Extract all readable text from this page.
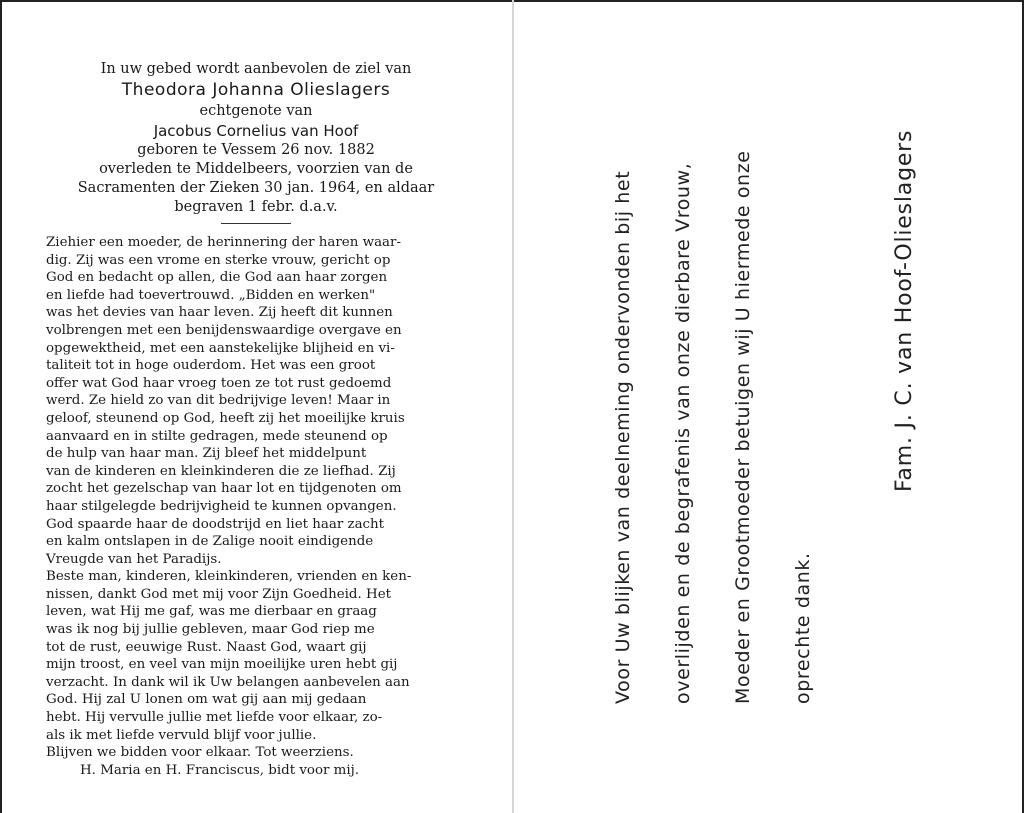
In uw gebed wordt aanbevolen de ziel van
Theodora Johanna Olieslagers
echtgenote van
Jacobus Cornelius van Hoof
geboren te Vessem 26 nov. 1882
overleden te Middelbeers, voorzien van de
Sacramenten der Zieken 30 jan. 1964, en aldaar
begraven 1 febr. d.a.v.
Ziehier een moeder, de herinnering der haren waar-
dig. Zij was een vrome en sterke vrouw, gericht op
God en bedacht op allen, die God aan haar zorgen
en liefde had toevertrouwd. „Bidden en werken"
was het devies van haar leven. Zij heeft dit kunnen
volbrengen met een benijdenswaardige overgave en
opgewektheid, met een aanstekelijke blijheid en vi-
taliteit tot in hoge ouderdom. Het was een groot
offer wat God haar vroeg toen ze tot rust gedoemd
werd. Ze hield zo van dit bedrijvige leven! Maar in
geloof, steunend op God, heeft zij het moeilijke kruis
aanvaard en in stilte gedragen, mede steunend op
de hulp van haar man. Zij bleef het middelpunt
van de kinderen en kleinkinderen die ze liefhad. Zij
zocht het gezelschap van haar lot en tijdgenoten om
haar stilgelegde bedrijvigheid te kunnen opvangen.
God spaarde haar de doodstrijd en liet haar zacht
en kalm ontslapen in de Zalige nooit eindigende
Vreugde van het Paradijs.
Beste man, kinderen, kleinkinderen, vrienden en ken-
nissen, dankt God met mij voor Zijn Goedheid. Het
leven, wat Hij me gaf, was me dierbaar en graag
was ik nog bij jullie gebleven, maar God riep me
tot de rust, eeuwige Rust. Naast God, waart gij
mijn troost, en veel van mijn moeilijke uren hebt gij
verzacht. In dank wil ik Uw belangen aanbevelen aan
God. Hij zal U lonen om wat gij aan mij gedaan
hebt. Hij vervulle jullie met liefde voor elkaar, zo-
als ik met liefde vervuld blijf voor jullie.
Blijven we bidden voor elkaar. Tot weerziens.
H. Maria en H. Franciscus, bidt voor mij.
Voor Uw blijken van deelneming ondervonden bij het overlijden en de begrafenis van onze dierbare Vrouw, Moeder en Grootmoeder betuigen wij U hiermede onze oprechte dank.
Fam. J. C. van Hoof-Olieslagers
